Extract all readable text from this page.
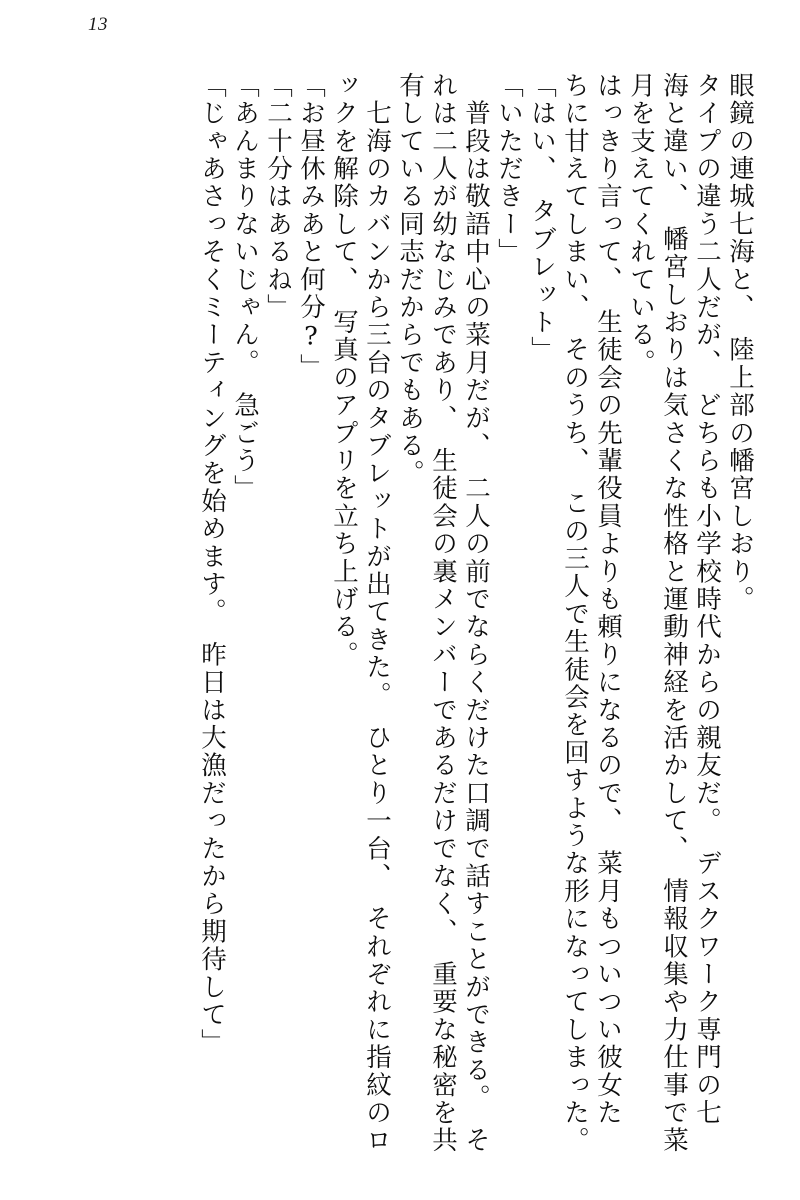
13
眼鏡の連城七海と、　陸上部の幡宮しおり。
タイプの違う二人だが、　どちらも小学校時代からの親友だ。　デスクワーク専門の七
海と違い、　幡宮しおりは気さくな性格と運動神経を活かして、　情報収集や力仕事で菜
月を支えてくれている。
はっきり言って、　生徒会の先輩役員よりも頼りになるので、　菜月もついつい彼女た
ちに甘えてしまい、　そのうち、　この三人で生徒会を回すような形になってしまった。
「はい、　タブレット」
「いただきー」
　普段は敬語中心の菜月だが、　二人の前でならくだけた口調で話すことができる。　そ
れは二人が幼なじみであり、　生徒会の裏メンバーであるだけでなく、　重要な秘密を共
有している同志だからでもある。
　七海のカバンから三台のタブレットが出てきた。　ひとり一台、　それぞれに指紋のロ
ックを解除して、　写真のアプリを立ち上げる。
「お昼休みあと何分?」
「二十分はあるね」
「あんまりないじゃん。　急ごう」
「じゃあさっそくミーティングを始めます。　昨日は大漁だったから期待して」
